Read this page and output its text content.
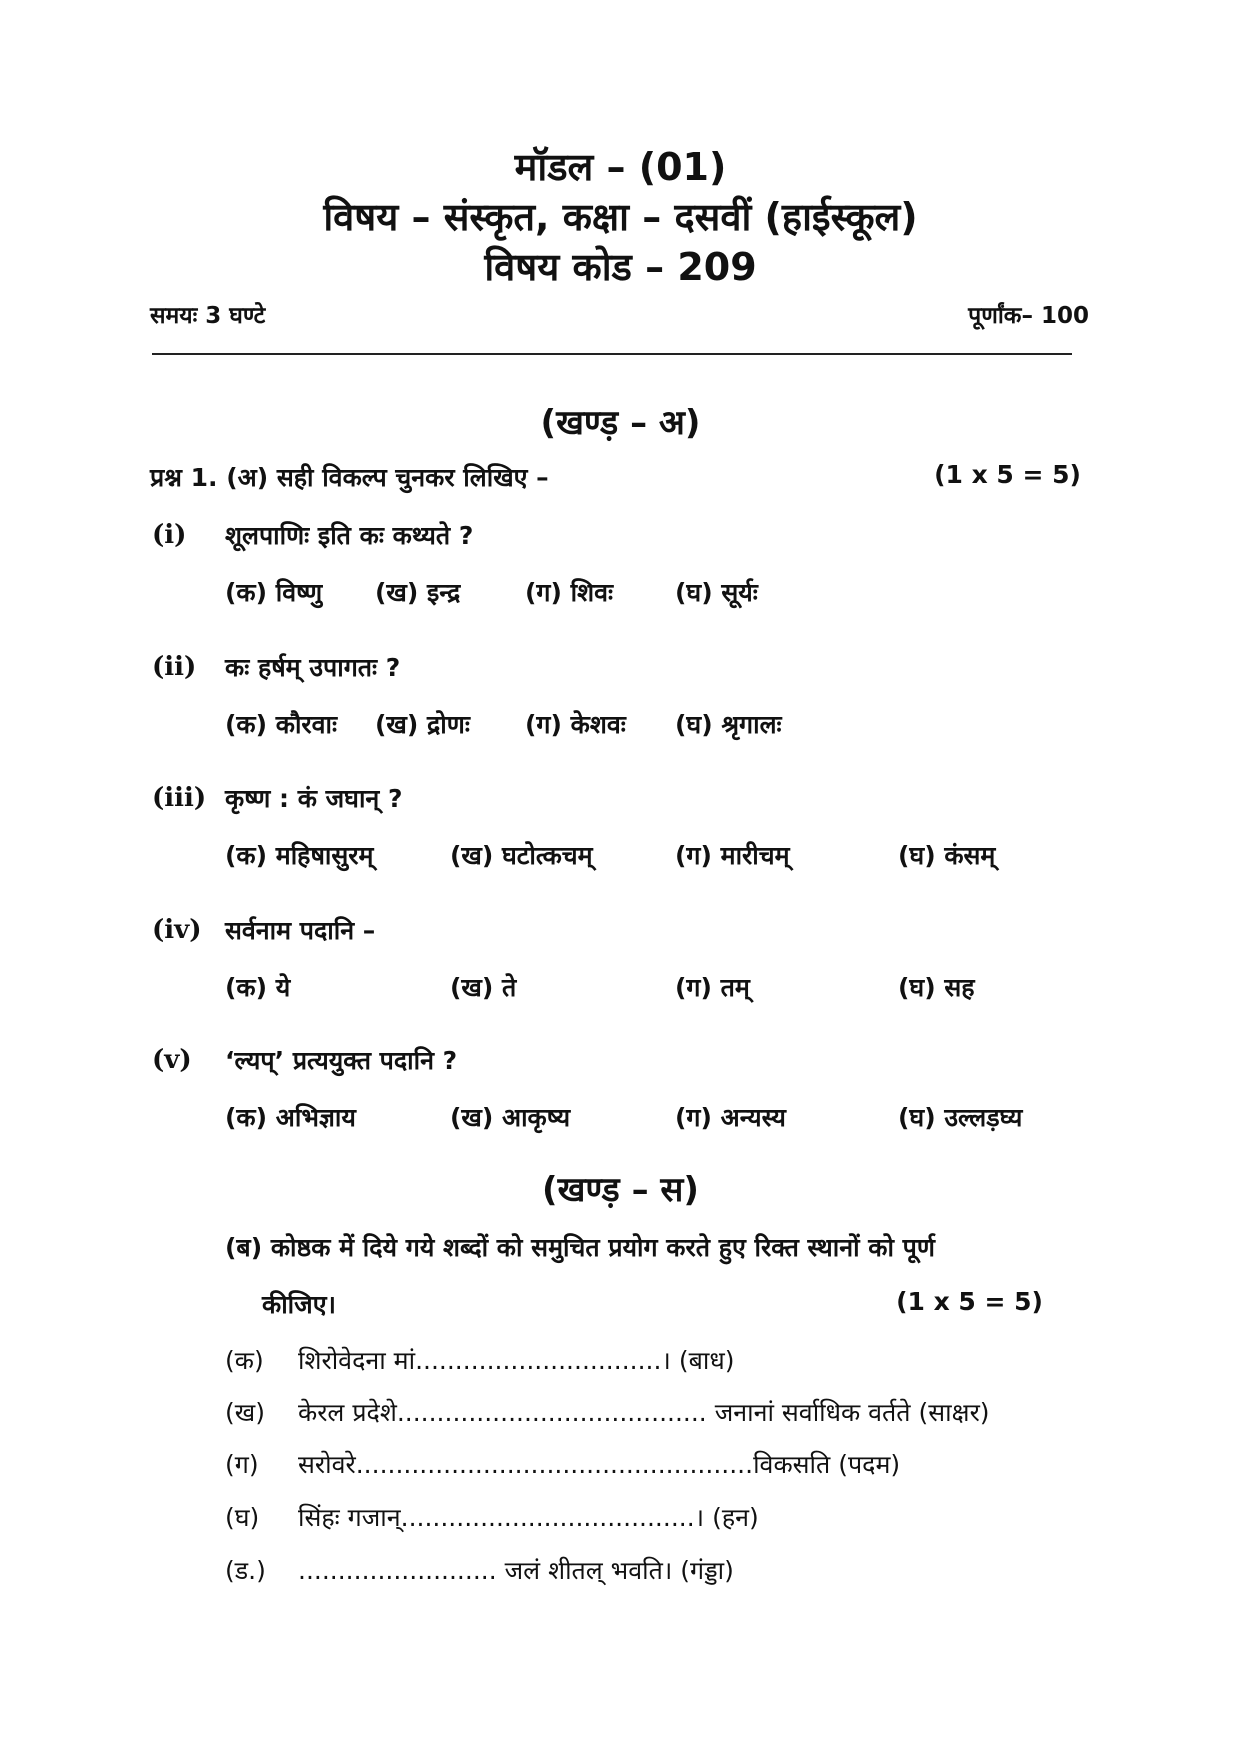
मॉडल – (01)
विषय – संस्कृत, कक्षा – दसवीं (हाईस्कूल)
विषय कोड – 209
समयः 3 घण्टे	पूर्णांक– 100
(खण्ड़ – अ)
प्रश्न 1. (अ) सही विकल्प चुनकर लिखिए –	(1 x 5 = 5)
(i) शूलपाणिः इति कः कथ्यते ?
(क) विष्णु (ख) इन्द्र	(ग) शिवः (घ) सूर्यः
(ii) कः हर्षम् उपागतः ?
(क) कौरवाः (ख) द्रोणः (ग) केशवः (घ) श्रृगालः
(iii) कृष्ण : कं जघान् ?
(क) महिषासुरम्	(ख) घटोत्कचम्	(ग) मारीचम्	(घ) कंसम्
(iv) सर्वनाम पदानि –
(क) ये	(ख) ते	(ग) तम्	(घ) सह
(v) ‘ल्यप्’ प्रत्ययुक्त पदानि ?
(क) अभिज्ञाय	(ख) आकृष्य	(ग) अन्यस्य	(घ) उल्लड़घ्य
(खण्ड़ – स)
(ब) कोष्ठक में दिये गये शब्दों को समुचित प्रयोग करते हुए रिक्त स्थानों को पूर्ण
कीजिए।	(1 x 5 = 5)
(क) शिरोवेदना मां...............................। (बाध)
(ख) केरल प्रदेशे....................................... जनानां सर्वाधिक वर्तते (साक्षर)
(ग) सरोवरे..................................................विकसति (पदम)
(घ) सिंहः गजान्.....................................। (हन)
(ड.) ......................... जलं शीतल् भवति। (गंड्डा)
